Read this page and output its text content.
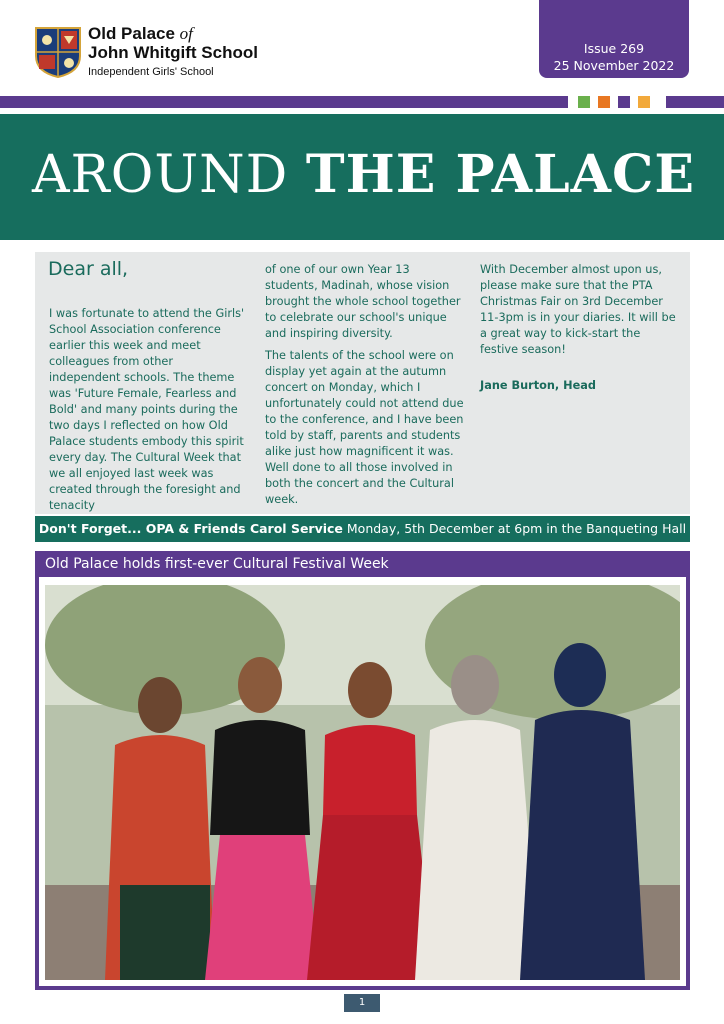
Old Palace of
John Whitgift School
Independent Girls' School
Issue 269
25 November 2022
AROUND THE PALACE
Dear all,

I was fortunate to attend the Girls' School Association conference earlier this week and meet colleagues from other independent schools. The theme was 'Future Female, Fearless and Bold' and many points during the two days I reflected on how Old Palace students embody this spirit every day. The Cultural Week that we all enjoyed last week was created through the foresight and tenacity

of one of our own Year 13 students, Madinah, whose vision brought the whole school together to celebrate our school's unique and inspiring diversity.

The talents of the school were on display yet again at the autumn concert on Monday, which I unfortunately could not attend due to the conference, and I have been told by staff, parents and students alike just how magnificent it was. Well done to all those involved in both the concert and the Cultural week.

With December almost upon us, please make sure that the PTA Christmas Fair on 3rd December 11-3pm is in your diaries. It will be a great way to kick-start the festive season!

Jane Burton, Head

Don't Forget... OPA & Friends Carol Service Monday, 5th December at 6pm in the Banqueting Hall
Old Palace holds first-ever Cultural Festival Week
1
